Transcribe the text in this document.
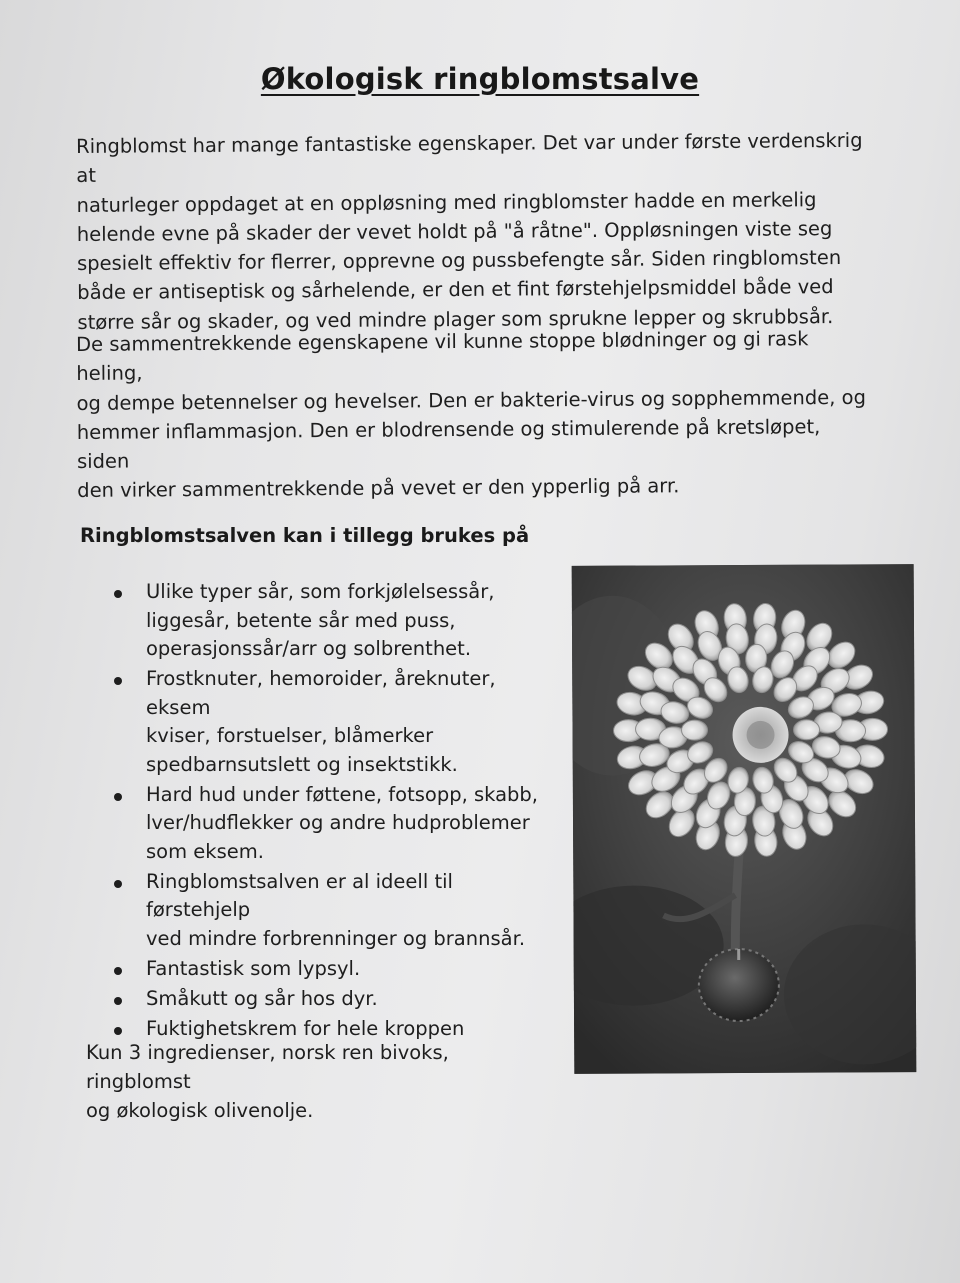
Økologisk ringblomstsalve
Ringblomst har mange fantastiske egenskaper. Det var under første verdenskrig at
naturleger oppdaget at en oppløsning med ringblomster hadde en merkelig
helende evne på skader der vevet holdt på "å råtne". Oppløsningen viste seg
spesielt effektiv for flerrer, opprevne og pussbefengte sår. Siden ringblomsten
både er antiseptisk og sårhelende, er den et fint førstehjelpsmiddel både ved
større sår og skader, og ved mindre plager som sprukne lepper og skrubbsår.
De sammentrekkende egenskapene vil kunne stoppe blødninger og gi rask heling,
og dempe betennelser og hevelser. Den er bakterie-virus og sopphemmende, og
hemmer inflammasjon. Den er blodrensende og stimulerende på kretsløpet, siden
den virker sammentrekkende på vevet er den ypperlig på arr.
Ringblomstsalven kan i tillegg brukes på
Ulike typer sår, som forkjølelsessår,
liggesår, betente sår med puss,
operasjonssår/arr og solbrenthet.
Frostknuter, hemoroider, åreknuter, eksem
kviser, forstuelser, blåmerker
spedbarnsutslett og insektstikk.
Hard hud under føttene, fotsopp, skabb,
lver/hudflekker og andre hudproblemer
som eksem.
Ringblomstsalven er al ideell til førstehjelp
ved mindre forbrenninger og brannsår.
Fantastisk som lypsyl.
Småkutt og sår hos dyr.
Fuktighetskrem for hele kroppen
Kun 3 ingredienser, norsk ren bivoks, ringblomst
og økologisk olivenolje.
